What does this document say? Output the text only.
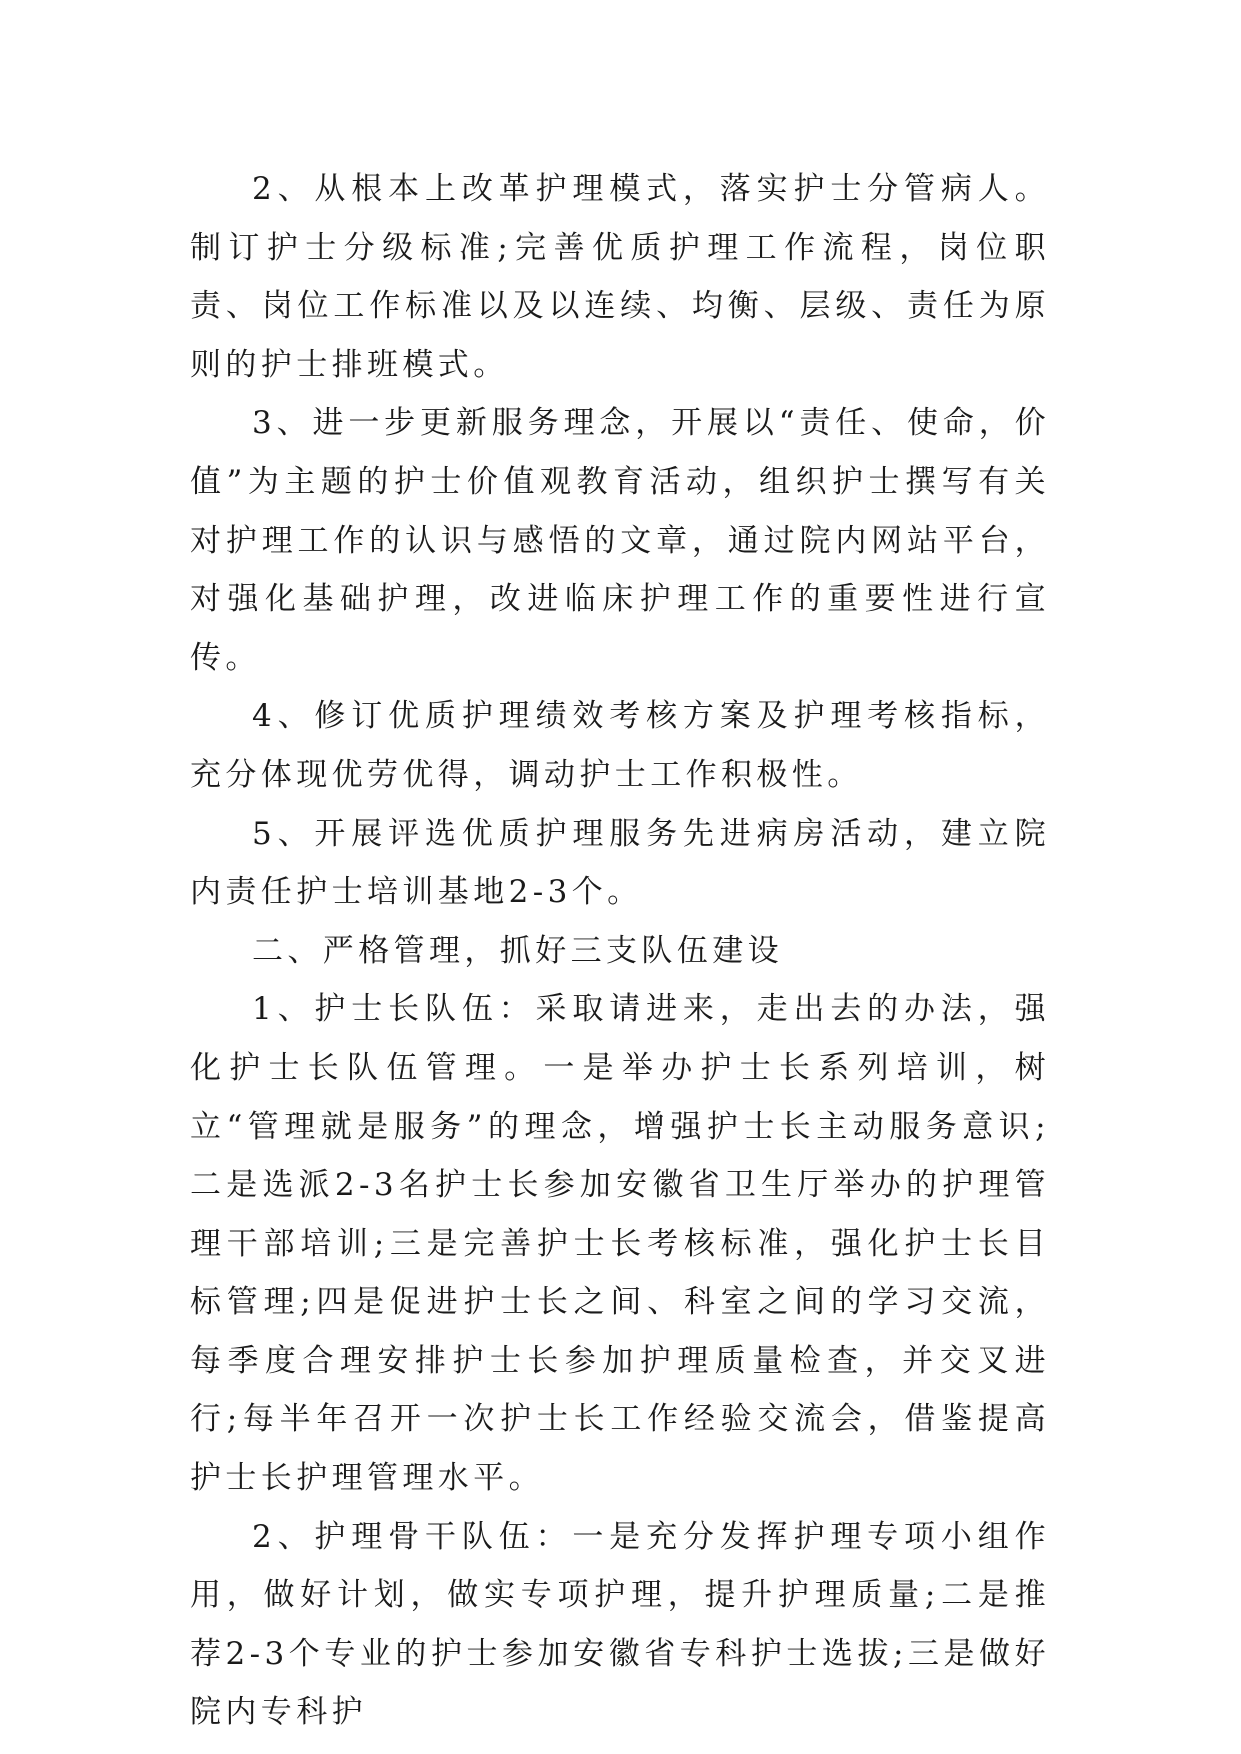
2、从根本上改革护理模式，落实护士分管病人。制订护士分级标准;完善优质护理工作流程，岗位职责、岗位工作标准以及以连续、均衡、层级、责任为原则的护士排班模式。

3、进一步更新服务理念，开展以“责任、使命，价值”为主题的护士价值观教育活动，组织护士撰写有关对护理工作的认识与感悟的文章，通过院内网站平台，对强化基础护理，改进临床护理工作的重要性进行宣传。

4、修订优质护理绩效考核方案及护理考核指标，充分体现优劳优得，调动护士工作积极性。

5、开展评选优质护理服务先进病房活动，建立院内责任护士培训基地2-3个。

二、严格管理，抓好三支队伍建设

1、护士长队伍：采取请进来，走出去的办法，强化护士长队伍管理。一是举办护士长系列培训，树立“管理就是服务”的理念，增强护士长主动服务意识;二是选派2-3名护士长参加安徽省卫生厅举办的护理管理干部培训;三是完善护士长考核标准，强化护士长目标管理;四是促进护士长之间、科室之间的学习交流，每季度合理安排护士长参加护理质量检查，并交叉进行;每半年召开一次护士长工作经验交流会，借鉴提高护士长护理管理水平。

2、护理骨干队伍：一是充分发挥护理专项小组作用，做好计划，做实专项护理，提升护理质量;二是推荐2-3个专业的护士参加安徽省专科护士选拔;三是做好院内专科护
